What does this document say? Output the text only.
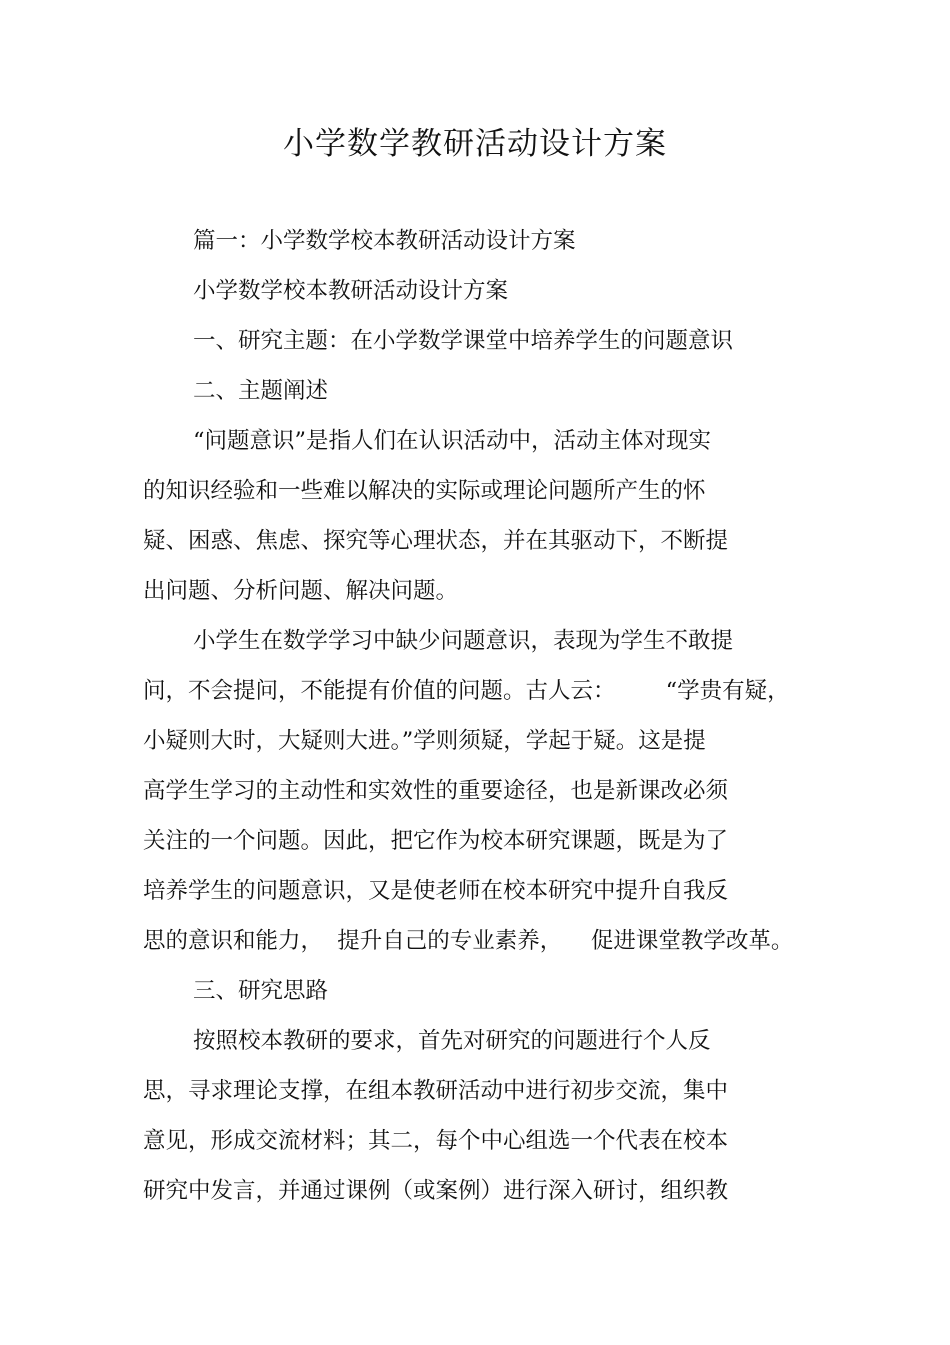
小学数学教研活动设计方案
篇一：小学数学校本教研活动设计方案
小学数学校本教研活动设计方案
一、研究主题：在小学数学课堂中培养学生的问题意识
二、主题阐述
“问题意识”是指人们在认识活动中，活动主体对现实
的知识经验和一些难以解决的实际或理论问题所产生的怀
疑、困惑、焦虑、探究等心理状态，并在其驱动下，不断提
出问题、分析问题、解决问题。
小学生在数学学习中缺少问题意识，表现为学生不敢提
问，不会提问，不能提有价值的问题。古人云：       “学贵有疑，
小疑则大时，大疑则大进。”学则须疑，学起于疑。这是提
高学生学习的主动性和实效性的重要途径，也是新课改必须
关注的一个问题。因此，把它作为校本研究课题，既是为了
培养学生的问题意识，又是使老师在校本研究中提升自我反
思的意识和能力，  提升自己的专业素养，    促进课堂教学改革。
三、研究思路
按照校本教研的要求，首先对研究的问题进行个人反
思，寻求理论支撑，在组本教研活动中进行初步交流，集中
意见，形成交流材料；其二，每个中心组选一个代表在校本
研究中发言，并通过课例（或案例）进行深入研讨，组织教
